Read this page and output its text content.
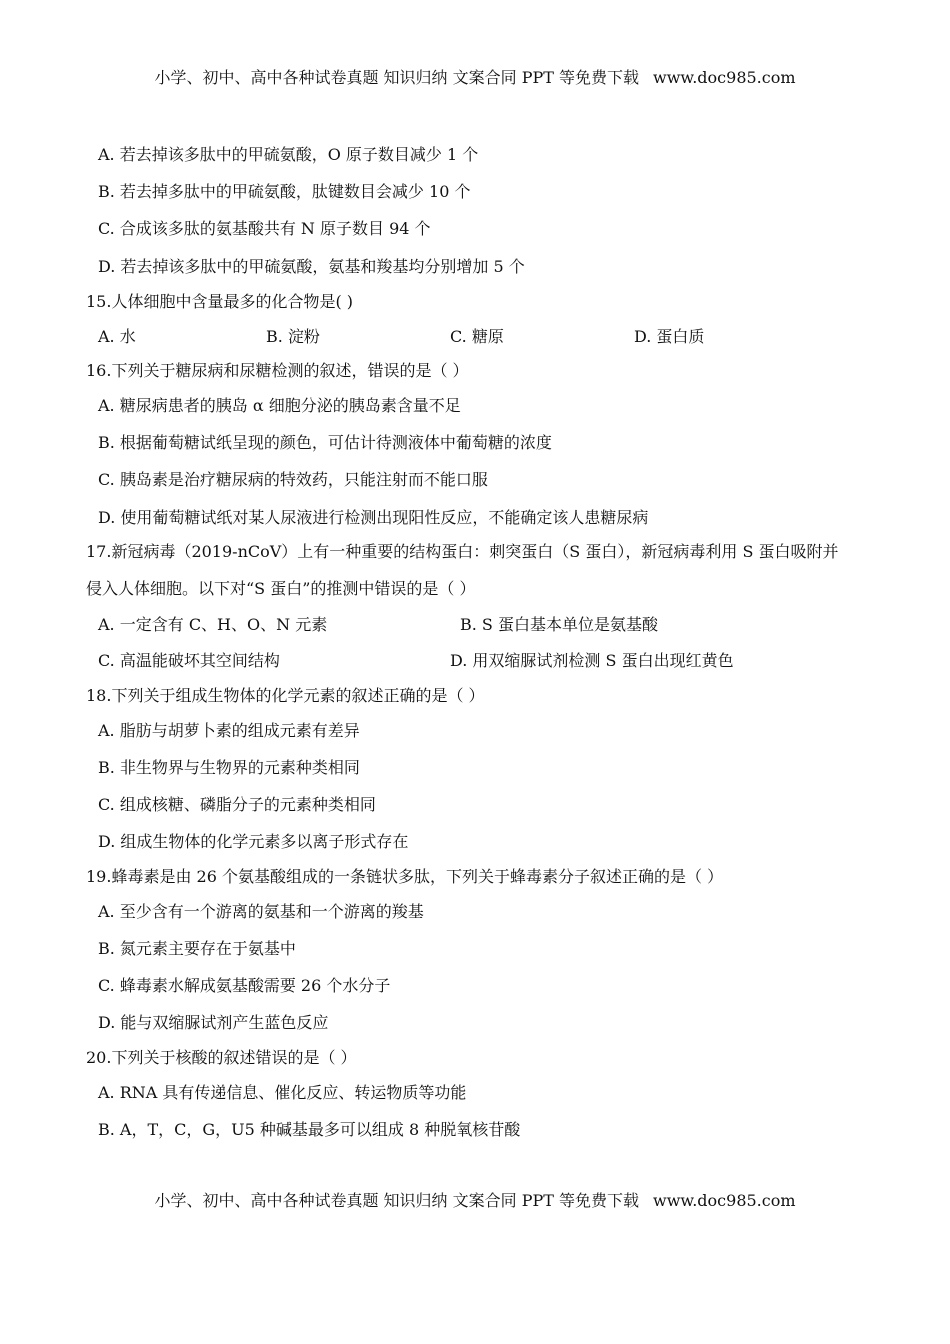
小学、初中、高中各种试卷真题 知识归纳 文案合同 PPT 等免费下载 www.doc985.com
A. 若去掉该多肽中的甲硫氨酸，O 原子数目减少 1 个
B. 若去掉多肽中的甲硫氨酸，肽键数目会减少 10 个
C. 合成该多肽的氨基酸共有 N 原子数目 94 个
D. 若去掉该多肽中的甲硫氨酸，氨基和羧基均分别增加 5 个
15.人体细胞中含量最多的化合物是( )
A. 水	B. 淀粉	C. 糖原	D. 蛋白质
16.下列关于糖尿病和尿糖检测的叙述，错误的是（ ）
A. 糖尿病患者的胰岛 α 细胞分泌的胰岛素含量不足
B. 根据葡萄糖试纸呈现的颜色，可估计待测液体中葡萄糖的浓度
C. 胰岛素是治疗糖尿病的特效药，只能注射而不能口服
D. 使用葡萄糖试纸对某人尿液进行检测出现阳性反应，不能确定该人患糖尿病
17.新冠病毒（2019-nCoV）上有一种重要的结构蛋白：刺突蛋白（S 蛋白），新冠病毒利用 S 蛋白吸附并
侵入人体细胞。以下对“S 蛋白”的推测中错误的是（ ）
A. 一定含有 C、H、O、N 元素	B. S 蛋白基本单位是氨基酸
C. 高温能破坏其空间结构	D. 用双缩脲试剂检测 S 蛋白出现红黄色
18.下列关于组成生物体的化学元素的叙述正确的是（ ）
A. 脂肪与胡萝卜素的组成元素有差异
B. 非生物界与生物界的元素种类相同
C. 组成核糖、磷脂分子的元素种类相同
D. 组成生物体的化学元素多以离子形式存在
19.蜂毒素是由 26 个氨基酸组成的一条链状多肽，下列关于蜂毒素分子叙述正确的是（ ）
A. 至少含有一个游离的氨基和一个游离的羧基
B. 氮元素主要存在于氨基中
C. 蜂毒素水解成氨基酸需要 26 个水分子
D. 能与双缩脲试剂产生蓝色反应
20.下列关于核酸的叙述错误的是（ ）
A. RNA 具有传递信息、催化反应、转运物质等功能
B. A，T，C，G，U5 种碱基最多可以组成 8 种脱氧核苷酸
小学、初中、高中各种试卷真题 知识归纳 文案合同 PPT 等免费下载 www.doc985.com
